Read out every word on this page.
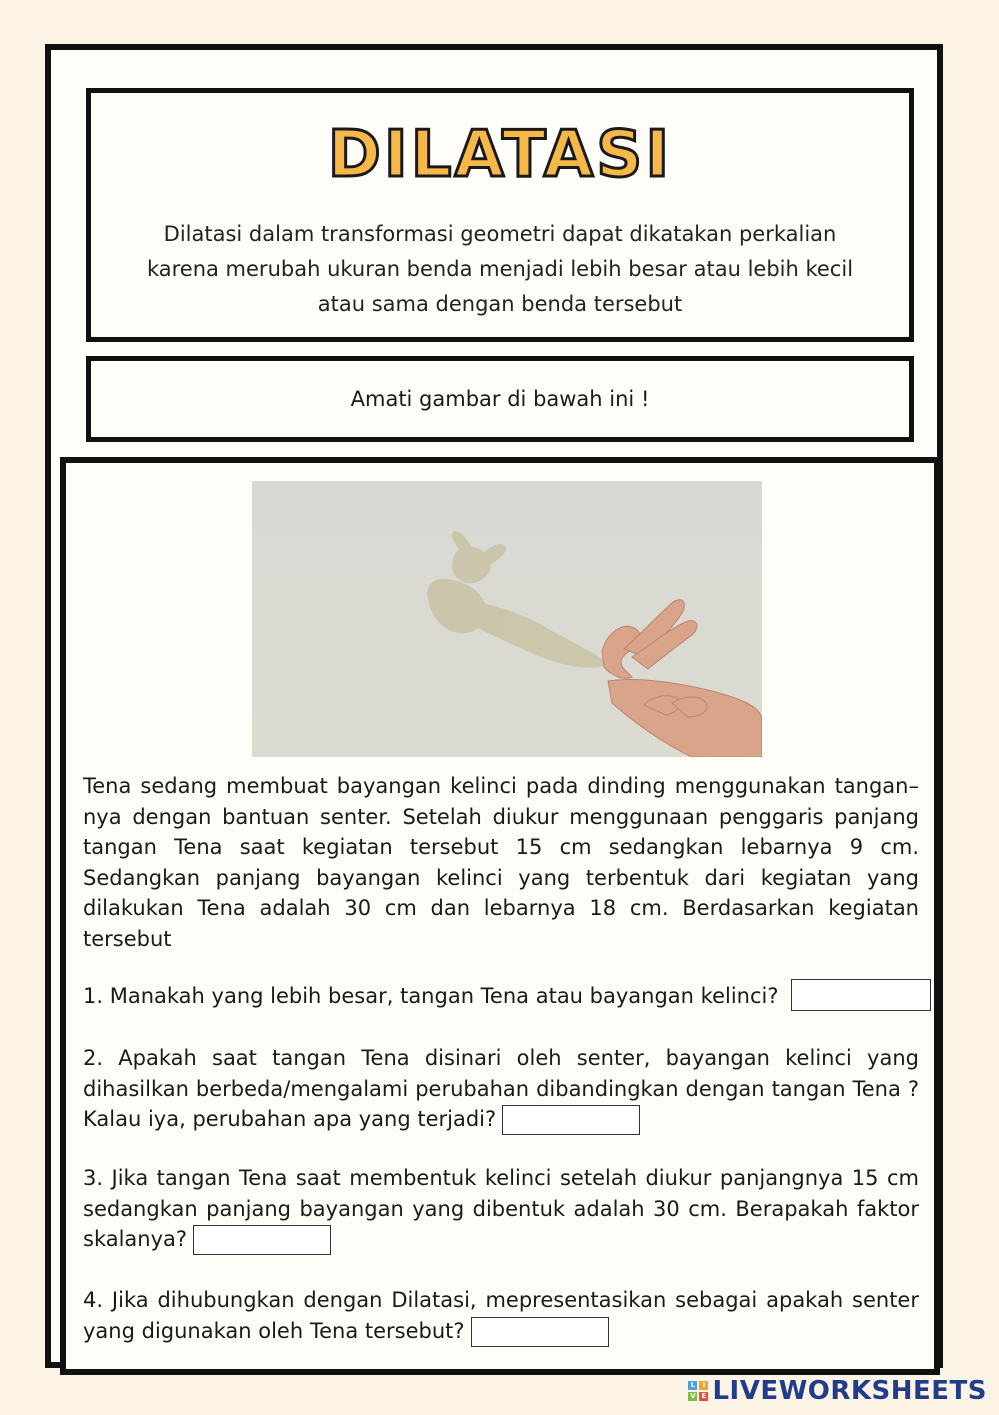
DILATASI
Dilatasi dalam transformasi geometri dapat dikatakan perkalian karena merubah ukuran benda menjadi lebih besar atau lebih kecil atau sama dengan benda tersebut
Amati gambar di bawah ini !

Tena sedang membuat bayangan kelinci pada dinding menggunakan tangan– nya dengan bantuan senter. Setelah diukur menggunaan penggaris panjang tangan Tena saat kegiatan tersebut 15 cm sedangkan lebarnya 9 cm. Sedangkan panjang bayangan kelinci yang terbentuk dari kegiatan yang dilakukan Tena adalah 30 cm dan lebarnya 18 cm. Berdasarkan kegiatan tersebut

1. Manakah yang lebih besar, tangan Tena atau bayangan kelinci?

2. Apakah saat tangan Tena disinari oleh senter, bayangan kelinci yang dihasilkan berbeda/mengalami perubahan dibandingkan dengan tangan Tena ? Kalau iya, perubahan apa yang terjadi?

3. Jika tangan Tena saat membentuk kelinci setelah diukur panjangnya 15 cm sedangkan panjang bayangan yang dibentuk adalah 30 cm. Berapakah faktor skalanya?

4. Jika dihubungkan dengan Dilatasi, mepresentasikan sebagai apakah senter yang digunakan oleh Tena tersebut?

L	I
V E LIVEWORKSHEETS
